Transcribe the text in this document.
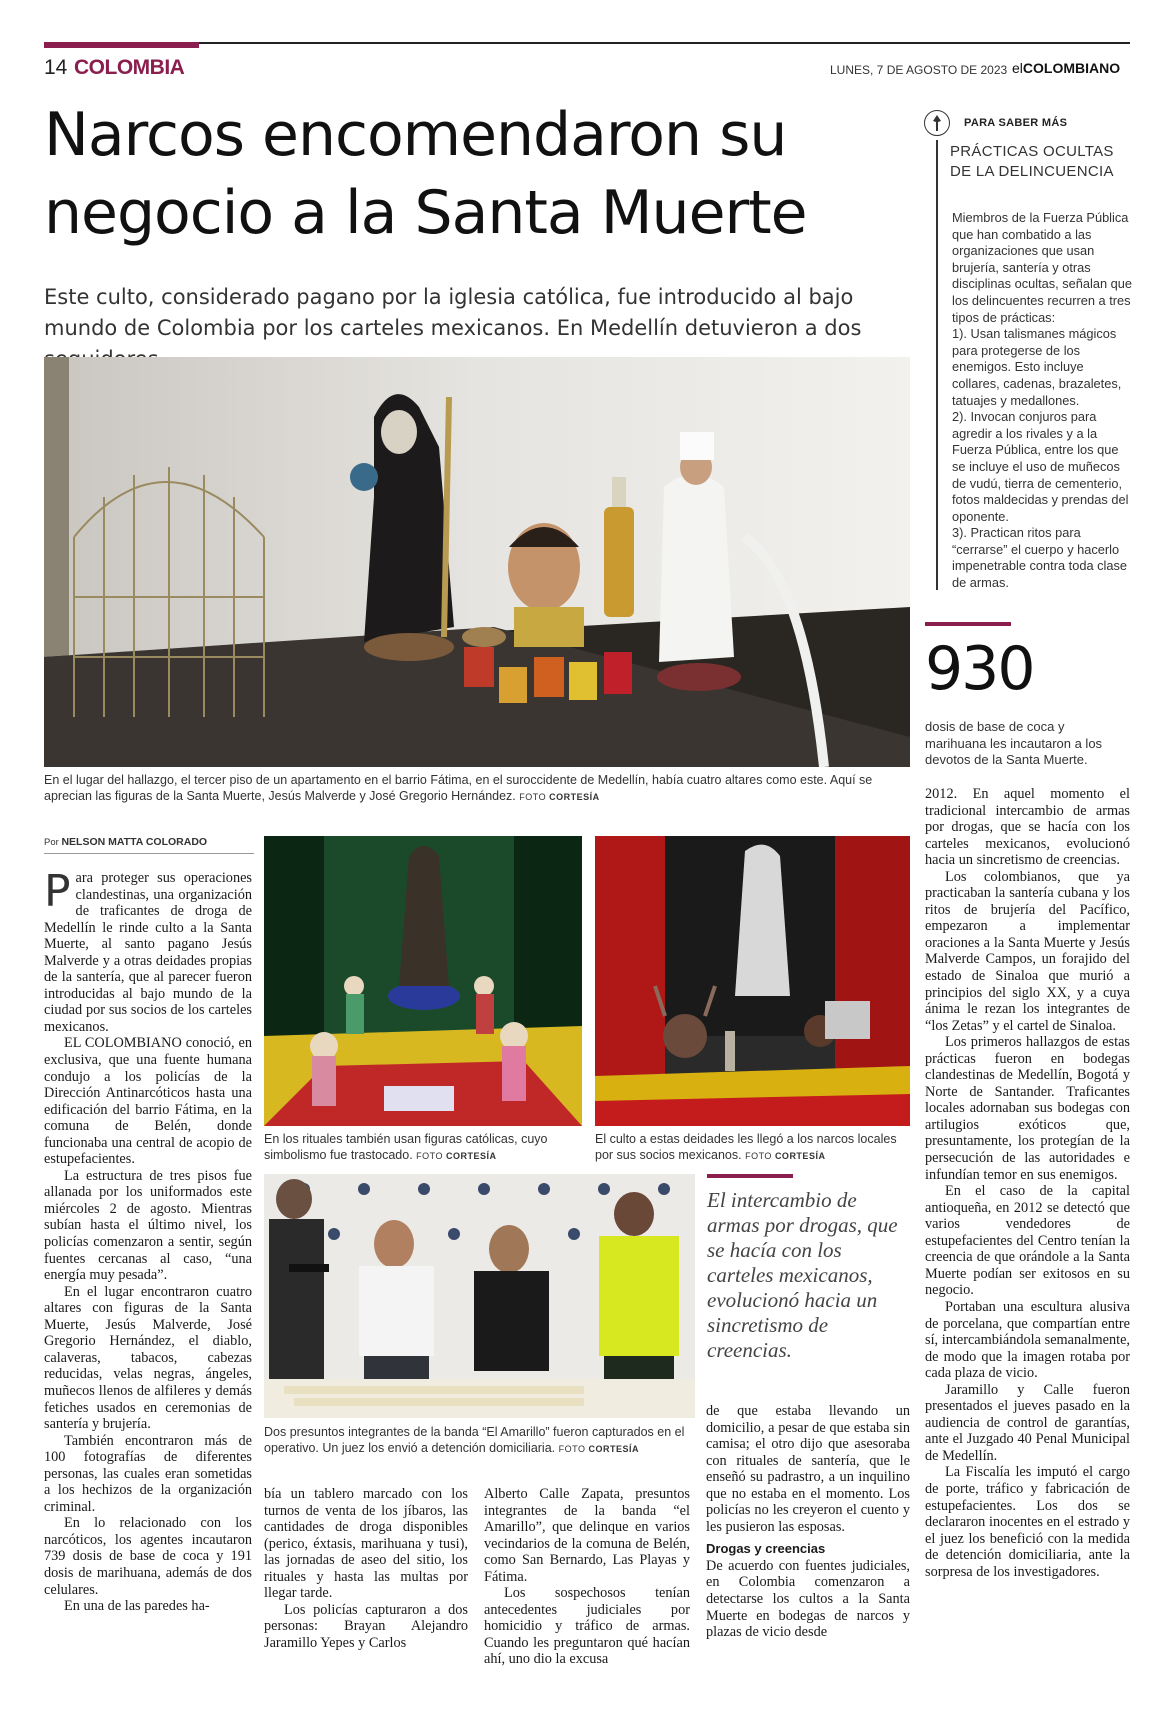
14 COLOMBIA	LUNES, 7 DE AGOSTO DE 2023 elCOLOMBIANO
Narcos encomendaron su negocio a la Santa Muerte
Este culto, considerado pagano por la iglesia católica, fue introducido al bajo mundo de Colombia por los carteles mexicanos. En Medellín detuvieron a dos
En el lugar del hallazgo, el tercer piso de un apartamento en el barrio Fátima, en el suroccidente de Medellín, había cuatro altares como este. Aquí se aprecian las figuras de la Santa Muerte, Jesús Malverde y José Gregorio Hernández. FOTO CORTESÍA
PARA SABER MÁS
PRÁCTICAS OCULTAS DE LA DELINCUENCIA
Miembros de la Fuerza Pública que han combatido a las organizaciones que usan brujería, santería y otras disciplinas ocultas, señalan que los delincuentes recurren a tres tipos de prácticas:
1). Usan talismanes mágicos para protegerse de los enemigos. Esto incluye collares, cadenas, brazaletes, tatuajes y medallones.
2). Invocan conjuros para agredir a los rivales y a la Fuerza Pública, entre los que se incluye el uso de muñecos de vudú, tierra de cementerio, fotos maldecidas y prendas del oponente.
3). Practican ritos para “cerrarse” el cuerpo y hacerlo impenetrable contra toda clase de armas.
930
dosis de base de coca y marihuana les incautaron a los devotos de la Santa Muerte.
Por NELSON MATTA COLORADO

Para proteger sus operaciones clandestinas, una organización de traficantes de droga de Medellín le rinde culto a la Santa Muerte, al santo pagano Jesús Malverde y a otras deidades propias de la santería, que al parecer fueron introducidas al bajo mundo de la ciudad por sus socios de los carteles mexicanos.

EL COLOMBIANO conoció, en exclusiva, que una fuente humana condujo a los policías de la Dirección Antinarcóticos hasta una edificación del barrio Fátima, en la comuna de Belén, donde funcionaba una central de acopio de estupefacientes.

La estructura de tres pisos fue allanada por los uniformados este miércoles 2 de agosto. Mientras subían hasta el último nivel, los policías comenzaron a sentir, según fuentes cercanas al caso, “una energía muy pesada”.

En el lugar encontraron cuatro altares con figuras de la Santa Muerte, Jesús Malverde, José Gregorio Hernández, el diablo, calaveras, tabacos, cabezas reducidas, velas negras, ángeles, muñecos llenos de alfileres y demás fetiches usados en ceremonias de santería y brujería.

También encontraron más de 100 fotografías de diferentes personas, las cuales eran sometidas a los hechizos de la organización criminal.

En lo relacionado con los narcóticos, los agentes incautaron 739 dosis de base de coca y 191 dosis de marihuana, además de dos celulares.

En una de las paredes ha-

En los rituales también usan figuras católicas, cuyo simbolismo fue trastocado. FOTO CORTESÍA
El culto a estas deidades les llegó a los narcos locales por sus socios mexicanos. FOTO CORTESÍA
Dos presuntos integrantes de la banda “El Amarillo” fueron capturados en el operativo. Un juez los envió a detención domiciliaria. FOTO CORTESÍA
El intercambio de armas por drogas, que se hacía con los carteles mexicanos, evolucionó hacia un sincretismo de creencias.

bía un tablero marcado con los turnos de venta de los jíbaros, las cantidades de droga disponibles (perico, éxtasis, marihuana y tusi), las jornadas de aseo del sitio, los rituales y hasta las multas por llegar tarde.

Los policías capturaron a dos personas: Brayan Alejandro Jaramillo Yepes y Carlos

Alberto Calle Zapata, presuntos integrantes de la banda “el Amarillo”, que delinque en varios vecindarios de la comuna de Belén, como San Bernardo, Las Playas y Fátima.

Los sospechosos tenían antecedentes judiciales por homicidio y tráfico de armas. Cuando les preguntaron qué hacían ahí, uno dio la excusa

de que estaba llevando un domicilio, a pesar de que estaba sin camisa; el otro dijo que asesoraba con rituales de santería, que le enseñó su padrastro, a un inquilino que no estaba en el momento. Los policías no les creyeron el cuento y les pusieron las esposas.

Drogas y creencias

De acuerdo con fuentes judiciales, en Colombia comenzaron a detectarse los cultos a la Santa Muerte en bodegas de narcos y plazas de vicio desde

2012. En aquel momento el tradicional intercambio de armas por drogas, que se hacía con los carteles mexicanos, evolucionó hacia un sincretismo de creencias.

Los colombianos, que ya practicaban la santería cubana y los ritos de brujería del Pacífico, empezaron a implementar oraciones a la Santa Muerte y Jesús Malverde Campos, un forajido del estado de Sinaloa que murió a principios del siglo XX, y a cuya ánima le rezan los integrantes de “los Zetas” y el cartel de Sinaloa.

Los primeros hallazgos de estas prácticas fueron en bodegas clandestinas de Medellín, Bogotá y Norte de Santander. Traficantes locales adornaban sus bodegas con artilugios exóticos que, presuntamente, los protegían de la persecución de las autoridades e infundían temor en sus enemigos.

En el caso de la capital antioqueña, en 2012 se detectó que varios vendedores de estupefacientes del Centro tenían la creencia de que orándole a la Santa Muerte podían ser exitosos en su negocio.

Portaban una escultura alusiva de porcelana, que compartían entre sí, intercambiándola semanalmente, de modo que la imagen rotaba por cada plaza de vicio.

Jaramillo y Calle fueron presentados el jueves pasado en la audiencia de control de garantías, ante el Juzgado 40 Penal Municipal de Medellín.

La Fiscalía les imputó el cargo de porte, tráfico y fabricación de estupefacientes. Los dos se declararon inocentes en el estrado y el juez los benefició con la medida de detención domiciliaria, ante la sorpresa de los investigadores.
